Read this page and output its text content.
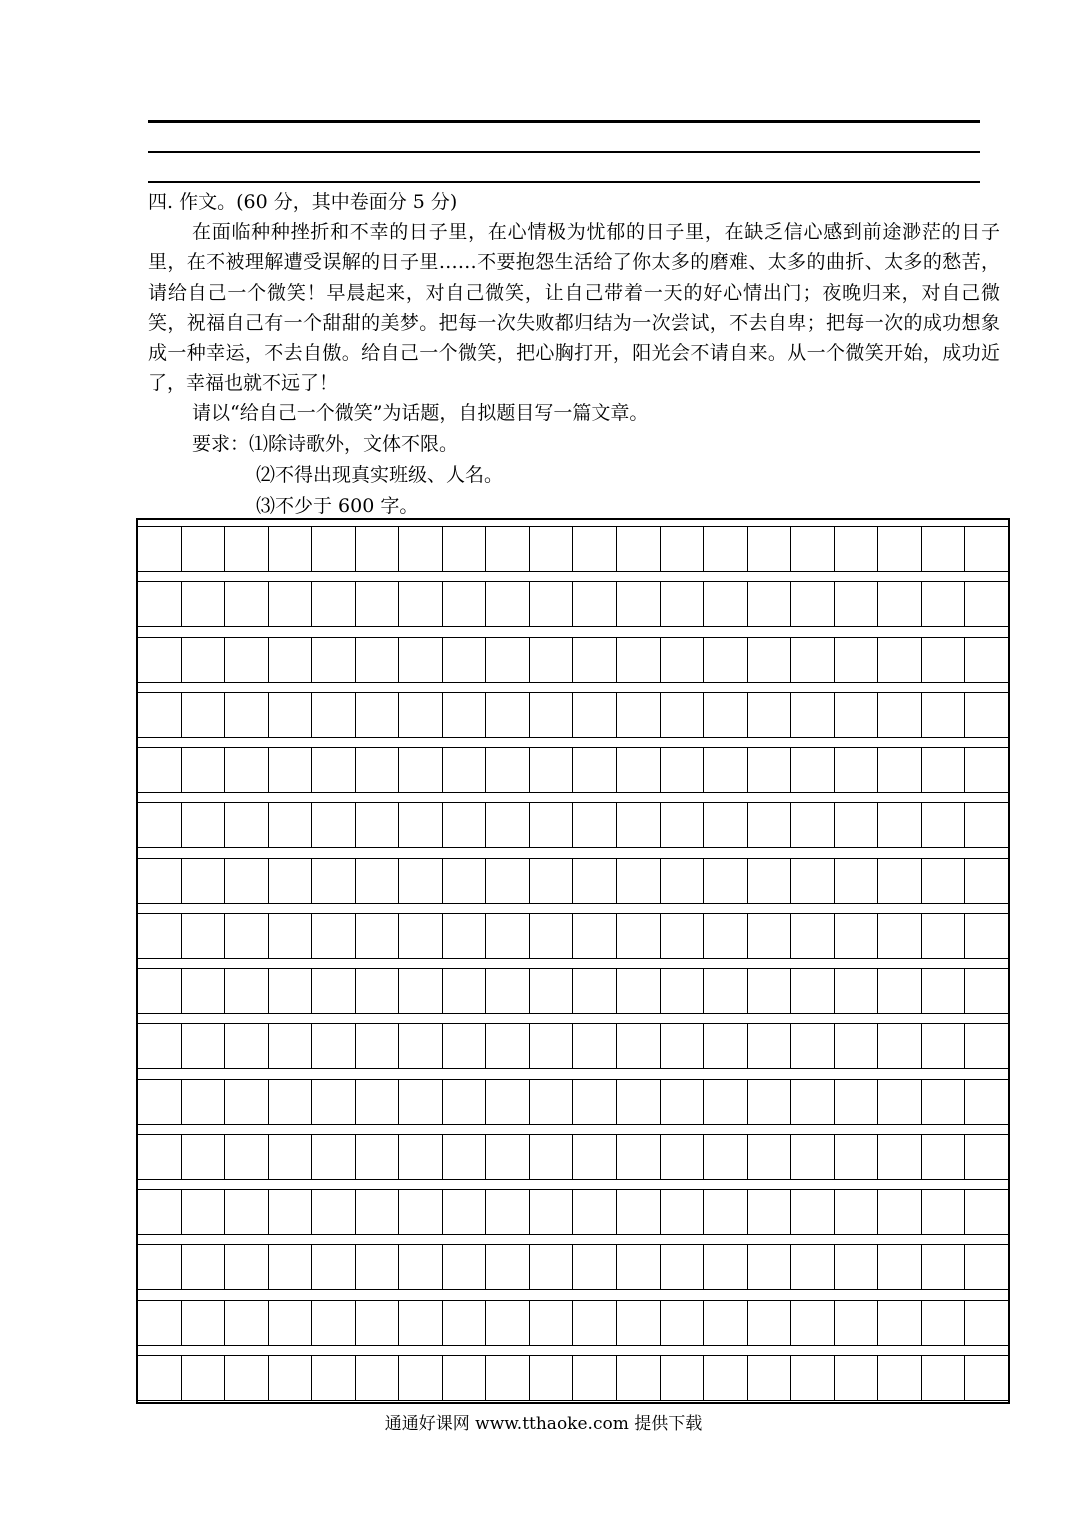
四. 作文。(60 分，其中卷面分 5 分)
在面临种种挫折和不幸的日子里，在心情极为忧郁的日子里，在缺乏信心感到前途渺茫的日子里，在不被理解遭受误解的日子里……不要抱怨生活给了你太多的磨难、太多的曲折、太多的愁苦，请给自己一个微笑！早晨起来，对自己微笑，让自己带着一天的好心情出门；夜晚归来，对自己微笑，祝福自己有一个甜甜的美梦。把每一次失败都归结为一次尝试，不去自卑；把每一次的成功想象成一种幸运，不去自傲。给自己一个微笑，把心胸打开，阳光会不请自来。从一个微笑开始，成功近了，幸福也就不远了！
请以“给自己一个微笑”为话题，自拟题目写一篇文章。
要求：⑴除诗歌外，文体不限。
⑵不得出现真实班级、人名。
⑶不少于 600 字。
通通好课网 www.tthaoke.com 提供下载
